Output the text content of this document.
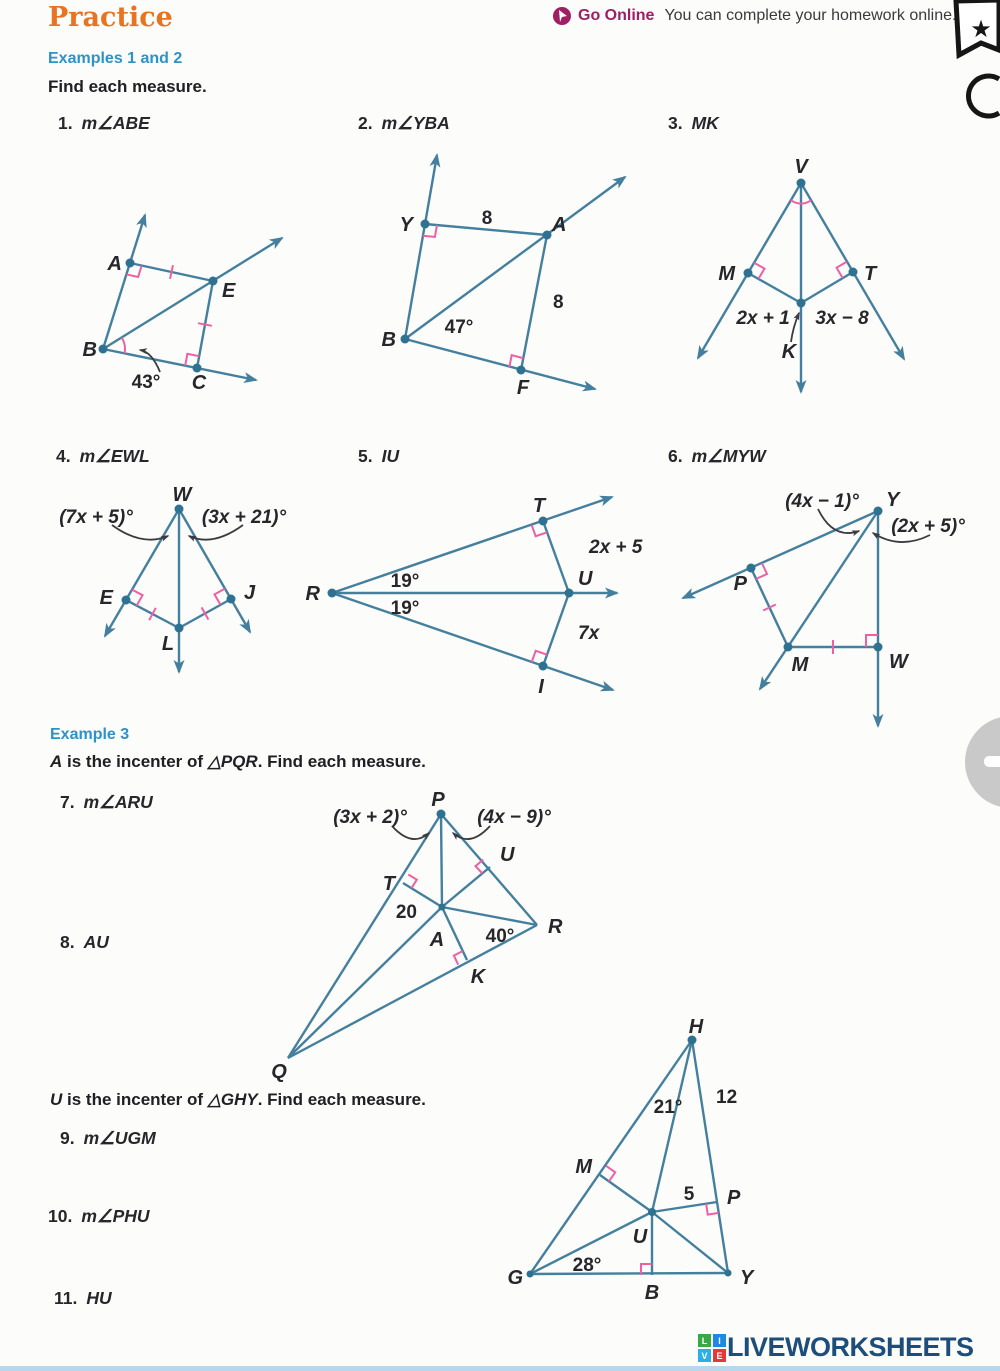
A
E
B
C
43°
Y	A
B
F
8
8
47°
V
M	T
K
2x + 1 3x − 8
W
E	J
L
(7x + 5)°	(3x + 21)°
R
T
U
I
19°
19°
2x + 5
7x
Y
P
M	W
(4x − 1)°
(2x + 5)°
P
T
U
A
R
K
Q
(3x + 2)°	(4x − 9)°
20
40°
H
21° 12
M
5 P
U
28°
G
B
Y
★
Practice	Go Online You can complete your homework online.
Examples 1 and 2
Find each measure.
1. m∠ABE	2. m∠YBA	3. MK
4. m∠EWL	5. IU	6. m∠MYW
Example 3
A is the incenter of △PQR. Find each measure.
7. m∠ARU
8. AU
U is the incenter of △GHY. Find each measure.
9. m∠UGM
10. m∠PHU
11. HU
L	I
V E LIVEWORKSHEETS
